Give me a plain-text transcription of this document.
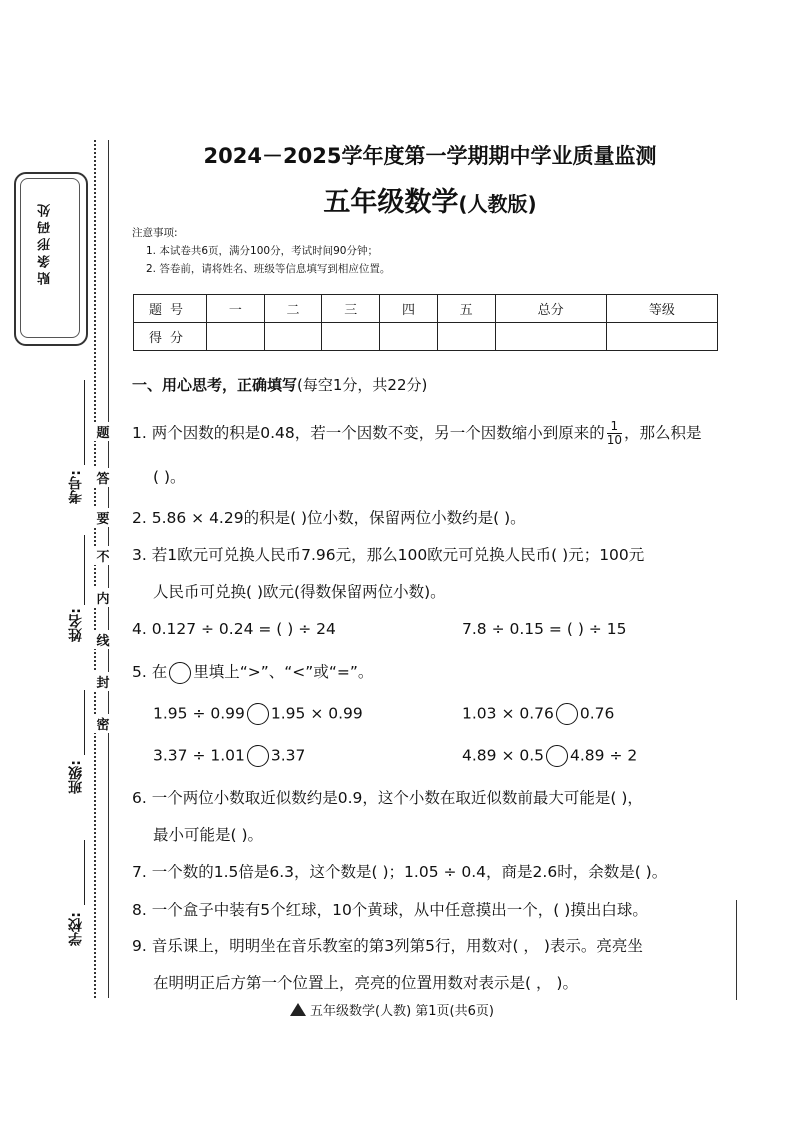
贴条形码处
题
答
要
不
内
线
封
密
考号:
姓名:
班级:
学校:
2024－2025学年度第一学期期中学业质量监测
五年级数学(人教版)
注意事项:
1. 本试卷共6页，满分100分，考试时间90分钟；
2. 答卷前，请将姓名、班级等信息填写到相应位置。
题号	一	二	三	四	五	总分	等级
得分							
一、用心思考，正确填写(每空1分，共22分)
1. 两个因数的积是0.48，若一个因数不变，另一个因数缩小到原来的 $\frac{1}{10}$ ，那么积是
( )。
2. 5.86 × 4.29的积是( )位小数，保留两位小数约是( )。
3. 若1欧元可兑换人民币7.96元，那么100欧元可兑换人民币( )元；100元
人民币可兑换( )欧元(得数保留两位小数)。
4. 0.127 ÷ 0.24 = ( ) ÷ 24	7.8 ÷ 0.15 = ( ) ÷ 15
5. 在 里填上“>”、“<”或“=”。
1.95 ÷ 0.99 1.95 × 0.99	1.03 × 0.76 0.76
3.37 ÷ 1.01 3.37	4.89 × 0.5 4.89 ÷ 2
6. 一个两位小数取近似数约是0.9，这个小数在取近似数前最大可能是( )，
最小可能是( )。
7. 一个数的1.5倍是6.3，这个数是( )；1.05 ÷ 0.4，商是2.6时，余数是( )。
8. 一个盒子中装有5个红球，10个黄球，从中任意摸出一个，( )摸出白球。
9. 音乐课上，明明坐在音乐教室的第3列第5行，用数对( ， )表示。亮亮坐
在明明正后方第一个位置上，亮亮的位置用数对表示是( ， )。
五年级数学(人教) 第1页(共6页)
